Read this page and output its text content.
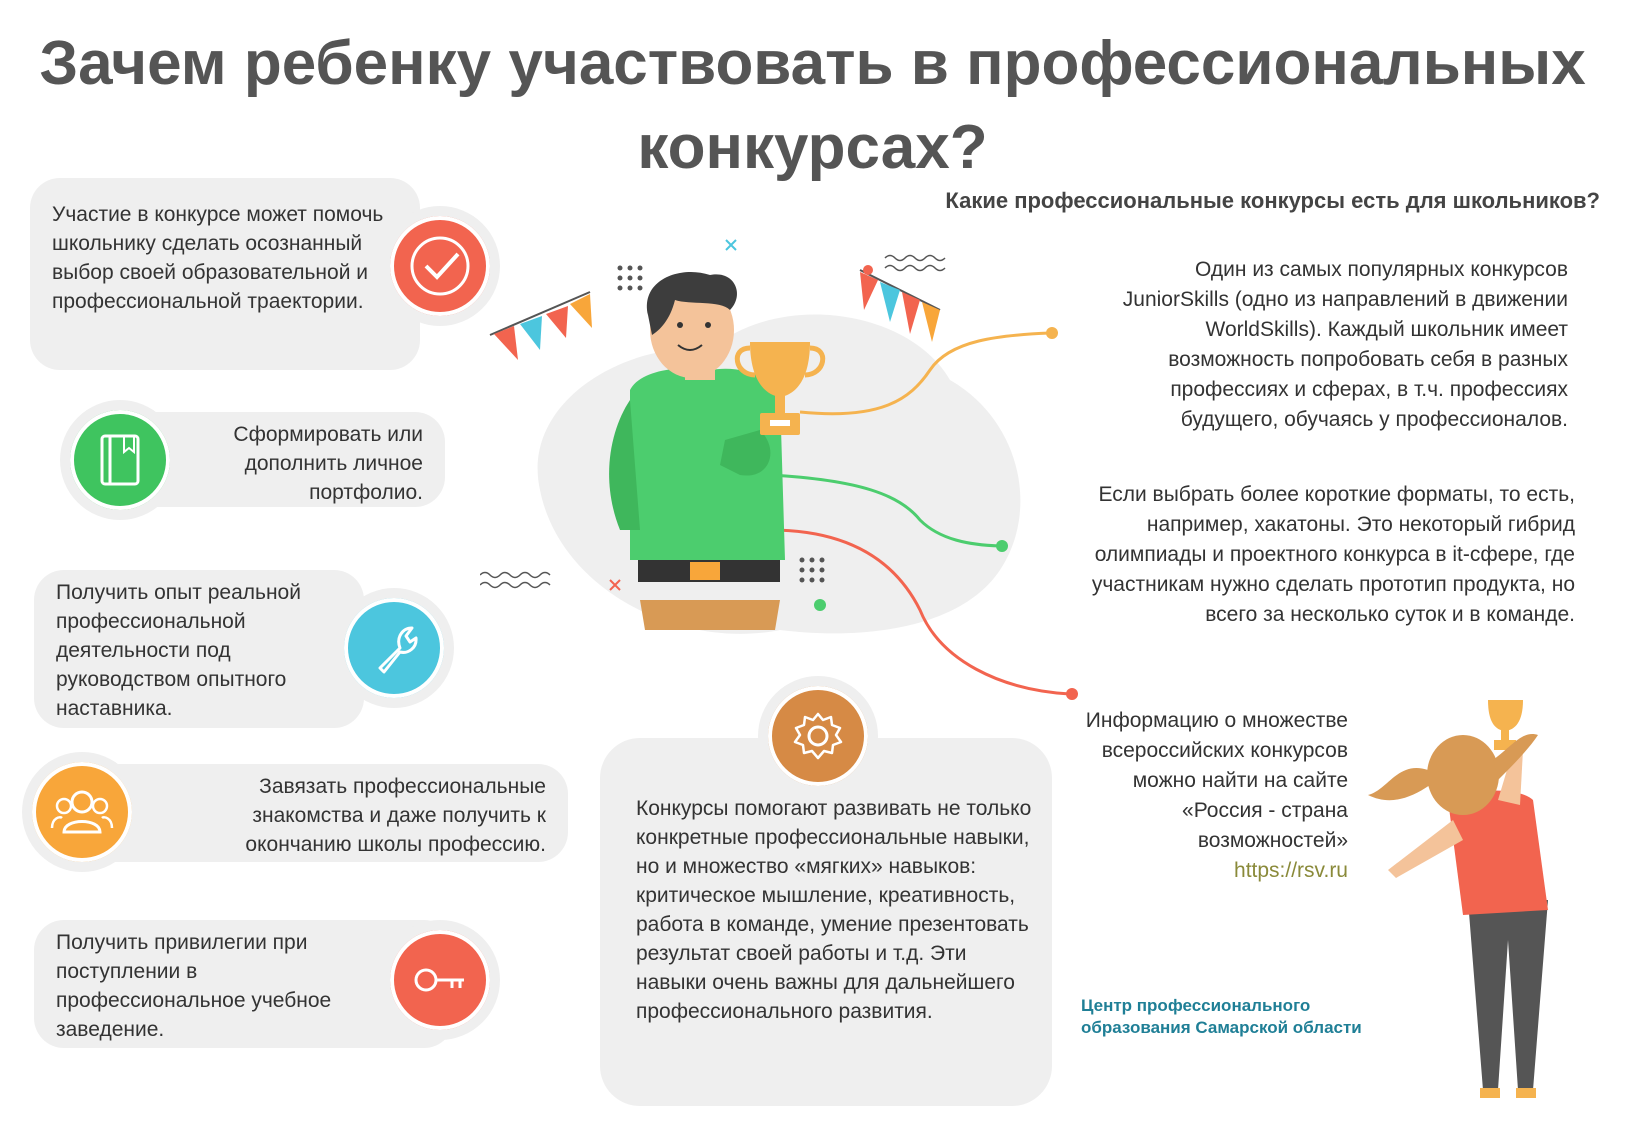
Зачем ребенку участвовать в профессиональных
конкурсах?
Какие профессиональные конкурсы есть для школьников?
Участие в конкурсе может помочь школьнику сделать осознанный выбор своей образовательной и профессиональной траектории.
Сформировать или дополнить личное портфолио.
Получить опыт реальной профессиональной деятельности под руководством опытного наставника.
Завязать профессиональные знакомства и даже получить к окончанию школы профессию.
Получить привилегии при поступлении в профессиональное учебное заведение.
Конкурсы помогают развивать не только конкретные профессиональные навыки, но и множество «мягких» навыков: критическое мышление, креативность, работа в команде, умение презентовать результат своей работы и т.д. Эти навыки очень важны для дальнейшего профессионального развития.
Один из самых популярных конкурсов JuniorSkills (одно из направлений в движении WorldSkills). Каждый школьник имеет возможность попробовать себя в разных профессиях и сферах, в т.ч. профессиях будущего, обучаясь у профессионалов.
Если выбрать более короткие форматы, то есть, например, хакатоны. Это некоторый гибрид олимпиады и проектного конкурса в it-сфере, где участникам нужно сделать прототип продукта, но всего за несколько суток и в команде.
Информацию о множестве всероссийских конкурсов можно найти на сайте «Россия - страна возможностей»
https://rsv.ru
Центр профессионального
образования Самарской области
